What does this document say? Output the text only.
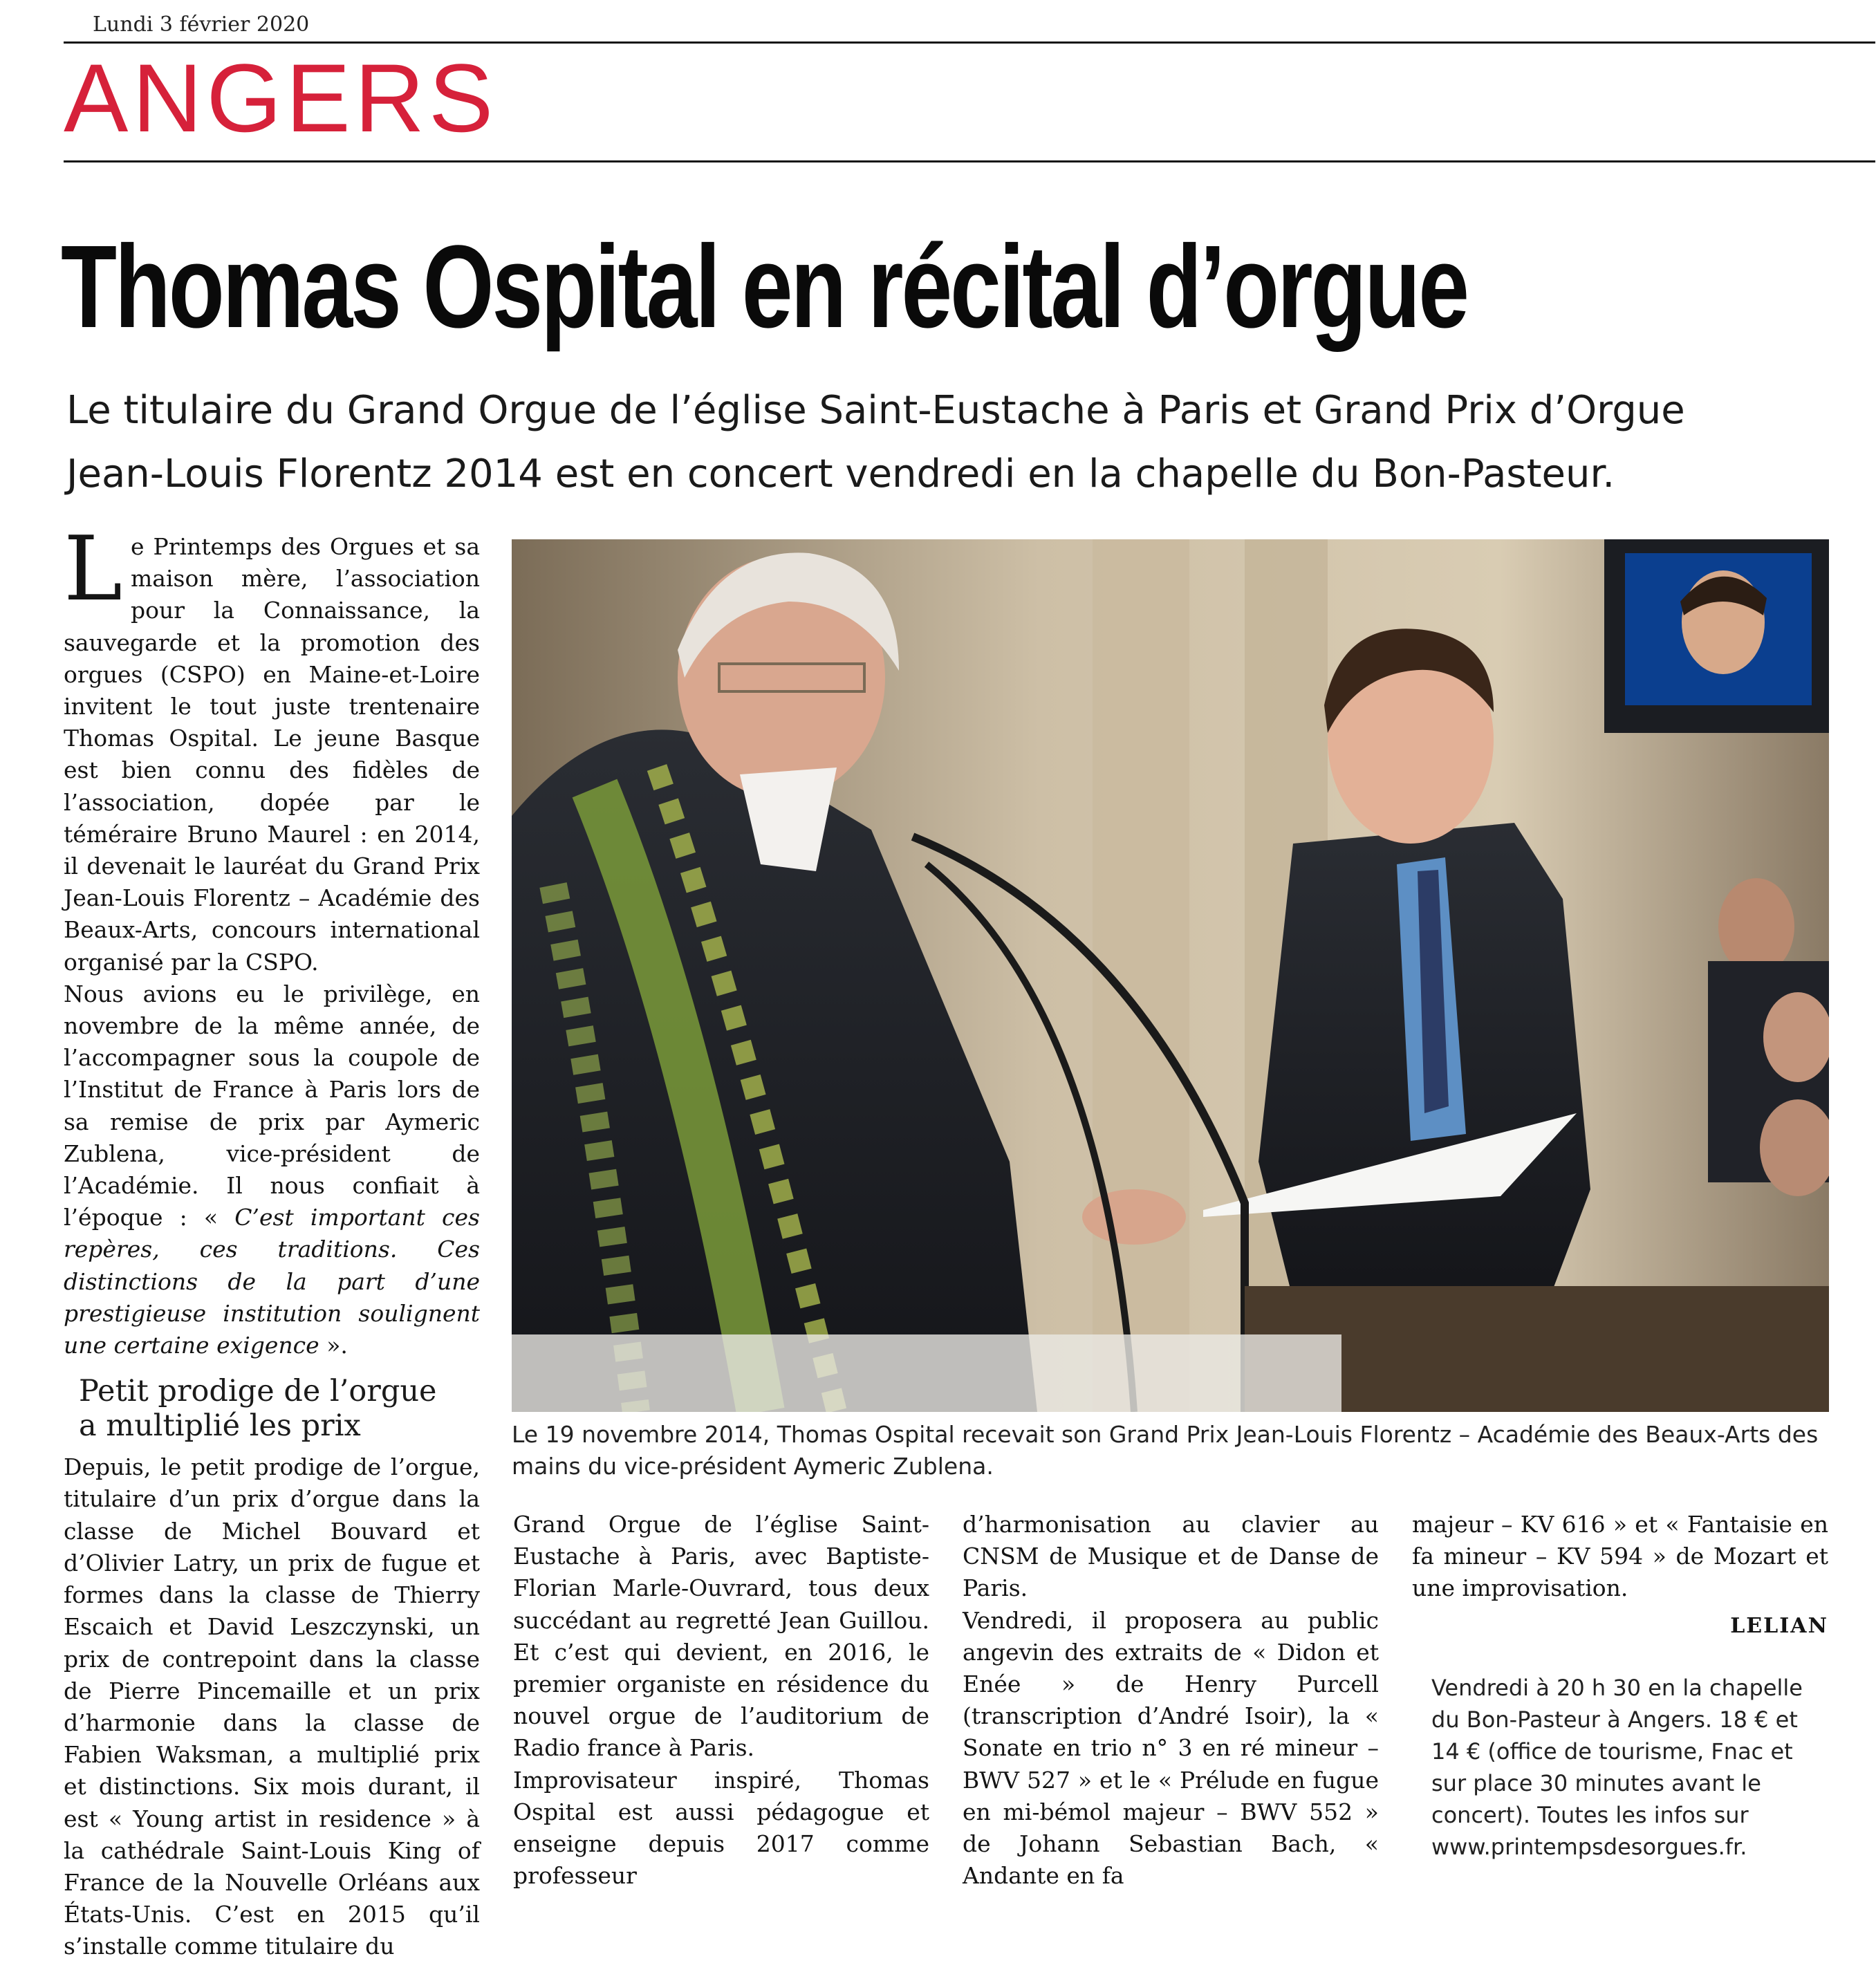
Lundi 3 février 2020
ANGERS
Thomas Ospital en récital d’orgue
Le titulaire du Grand Orgue de l’église Saint-Eustache à Paris et Grand Prix d’Orgue
Jean-Louis Florentz 2014 est en concert vendredi en la chapelle du Bon-Pasteur.

Le Printemps des Orgues et sa maison mère, l’association pour la Connaissance, la sauvegarde et la promotion des orgues (CSPO) en Maine-et-Loire invitent le tout juste trentenaire Thomas Ospital. Le jeune Basque est bien connu des fidèles de l’association, dopée par le téméraire Bruno Maurel : en 2014, il devenait le lauréat du Grand Prix Jean-Louis Florentz – Académie des Beaux-Arts, concours international organisé par la CSPO.

Nous avions eu le privilège, en novembre de la même année, de l’accompagner sous la coupole de l’Institut de France à Paris lors de sa remise de prix par Aymeric Zublena, vice-président de l’Académie. Il nous confiait à l’époque : « C’est important ces repères, ces traditions. Ces distinctions de la part d’une prestigieuse institution soulignent une certaine exigence ».

Petit prodige de l’orgue
a multiplié les prix

Depuis, le petit prodige de l’orgue, titulaire d’un prix d’orgue dans la classe de Michel Bouvard et d’Olivier Latry, un prix de fugue et formes dans la classe de Thierry Escaich et David Leszczynski, un prix de contrepoint dans la classe de Pierre Pincemaille et un prix d’harmonie dans la classe de Fabien Waksman, a multiplié prix et distinctions. Six mois durant, il est « Young artist in residence » à la cathédrale Saint-Louis King of France de la Nouvelle Orléans aux États-Unis. C’est en 2015 qu’il s’installe comme titulaire du

Le 19 novembre 2014, Thomas Ospital recevait son Grand Prix Jean-Louis Florentz – Académie des Beaux-Arts des mains du vice-président Aymeric Zublena.

Grand Orgue de l’église Saint-Eustache à Paris, avec Baptiste- Florian Marle-Ouvrard, tous deux succédant au regretté Jean Guillou. Et c’est qui devient, en 2016, le premier organiste en résidence du nouvel orgue de l’auditorium de Radio france à Paris.

Improvisateur inspiré, Thomas Ospital est aussi pédagogue et enseigne depuis 2017 comme professeur

d’harmonisation au clavier au CNSM de Musique et de Danse de Paris.

Vendredi, il proposera au public angevin des extraits de « Didon et Enée » de Henry Purcell (transcription d’André Isoir), la « Sonate en trio n° 3 en ré mineur – BWV 527 » et le « Prélude en fugue en mi-bémol majeur – BWV 552 » de Johann Sebastian Bach, « Andante en fa

majeur – KV 616 » et « Fantaisie en fa mineur – KV 594 » de Mozart et une improvisation.

LELIAN

Vendredi à 20 h 30 en la chapelle du Bon-Pasteur à Angers. 18 € et 14 € (office de tourisme, Fnac et sur place 30 minutes avant le concert). Toutes les infos sur www.printempsdesorgues.fr.
